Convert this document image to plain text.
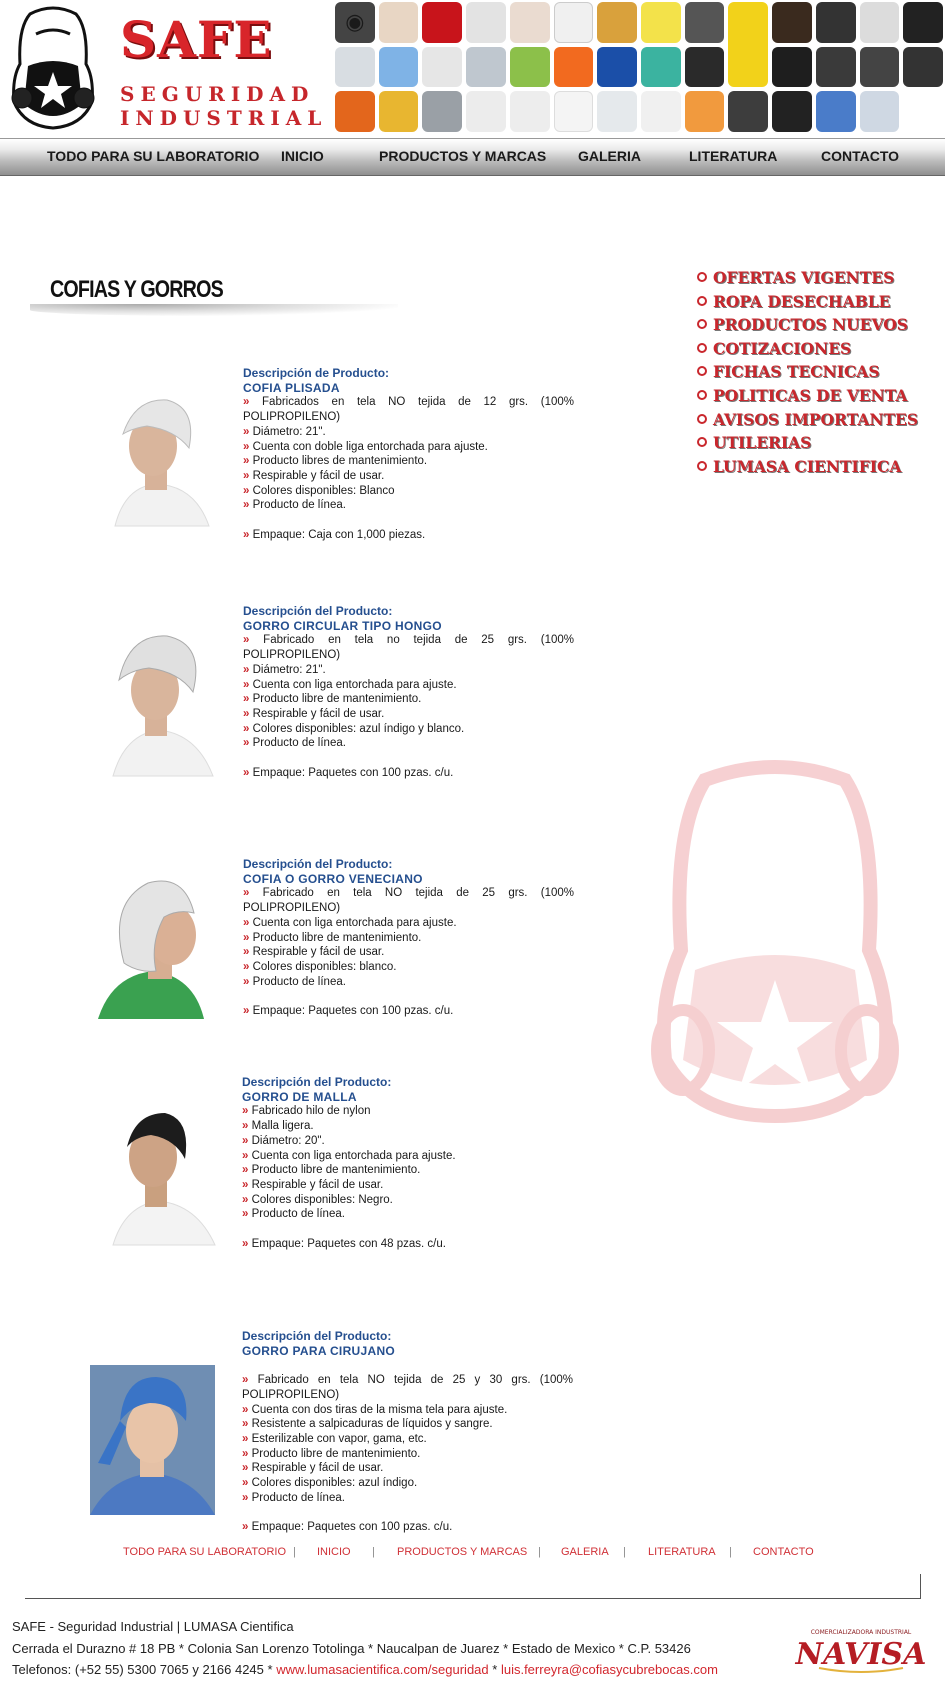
SAFE
SEGURIDAD
INDUSTRIAL
◉
TODO PARA SU LABORATORIO INICIO	PRODUCTOS Y MARCAS GALERIA	LITERATURA	CONTACTO
COFIAS Y GORROS	OFERTAS VIGENTES
ROPA DESECHABLE
PRODUCTOS NUEVOS
COTIZACIONES
FICHAS TECNICAS
POLITICAS DE VENTA
AVISOS IMPORTANTES
UTILERIAS
LUMASA CIENTIFICA
Descripción de Producto:
COFIA PLISADA
» Fabricados en tela NO tejida de 12 grs. (100% POLIPROPILENO)
» Diámetro: 21".
» Cuenta con doble liga entorchada para ajuste.
» Producto libres de mantenimiento.
» Respirable y fácil de usar.
» Colores disponibles: Blanco
» Producto de línea.
» Empaque: Caja con 1,000 piezas.
Descripción del Producto:
GORRO CIRCULAR TIPO HONGO
» Fabricado en tela no tejida de 25 grs. (100% POLIPROPILENO)
» Diámetro: 21".
» Cuenta con liga entorchada para ajuste.
» Producto libre de mantenimiento.
» Respirable y fácil de usar.
» Colores disponibles: azul índigo y blanco.
» Producto de línea.
» Empaque: Paquetes con 100 pzas. c/u.
Descripción del Producto:
COFIA O GORRO VENECIANO
» Fabricado en tela NO tejida de 25 grs. (100% POLIPROPILENO)
» Cuenta con liga entorchada para ajuste.
» Producto libre de mantenimiento.
» Respirable y fácil de usar.
» Colores disponibles: blanco.
» Producto de línea.
» Empaque: Paquetes con 100 pzas. c/u.
Descripción del Producto:
GORRO DE MALLA
» Fabricado hilo de nylon
» Malla ligera.
» Diámetro: 20".
» Cuenta con liga entorchada para ajuste.
» Producto libre de mantenimiento.
» Respirable y fácil de usar.
» Colores disponibles: Negro.
» Producto de línea.
» Empaque: Paquetes con 48 pzas. c/u.
Descripción del Producto:
GORRO PARA CIRUJANO
» Fabricado en tela NO tejida de 25 y 30 grs. (100% POLIPROPILENO)
» Cuenta con dos tiras de la misma tela para ajuste.
» Resistente a salpicaduras de líquidos y sangre.
» Esterilizable con vapor, gama, etc.
» Producto libre de mantenimiento.
» Respirable y fácil de usar.
» Colores disponibles: azul índigo.
» Producto de línea.
» Empaque: Paquetes con 100 pzas. c/u.
TODO PARA SU LABORATORIO | INICIO | PRODUCTOS Y MARCAS | GALERIA | LITERATURA | CONTACTO
SAFE - Seguridad Industrial | LUMASA Cientifica
Cerrada el Durazno # 18 PB * Colonia San Lorenzo Totolinga * Naucalpan de Juarez * Estado de Mexico * C.P. 53426
Telefonos: (+52 55) 5300 7065 y 2166 4245 * www.lumasacientifica.com/seguridad * luis.ferreyra@cofiasycubrebocas.com
COMERCIALIZADORA INDUSTRIAL
NAVISA
